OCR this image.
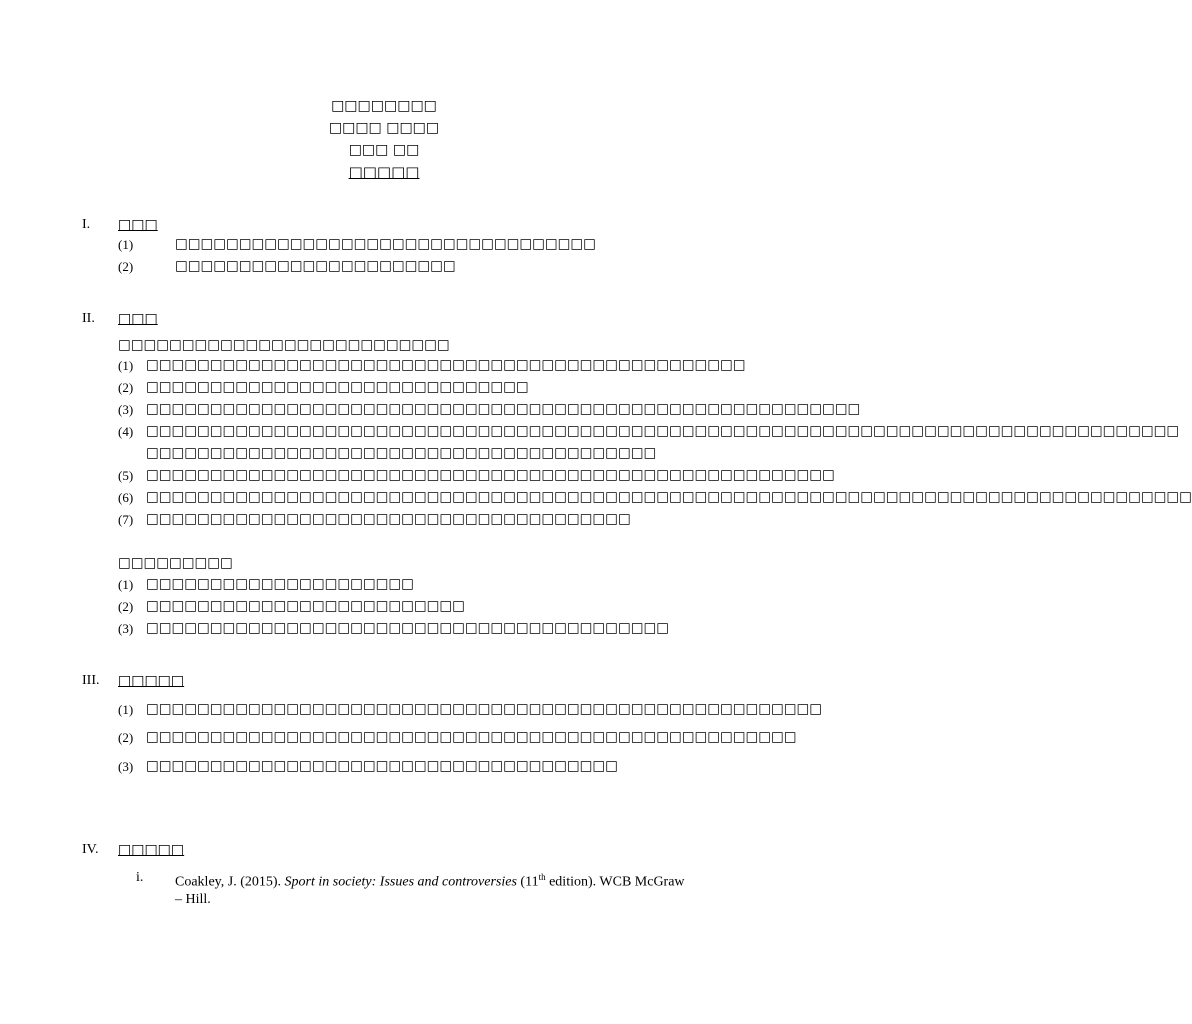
□□□□□□□□
□□□□ □□□□
□□□ □□
□□□□□
I. □□□
(1)	□□□□□□□□□□□□□□□□□□□□□□□□□□□□□□□□□
(2)	□□□□□□□□□□□□□□□□□□□□□□
II. □□□
□□□□□□□□□□□□□□□□□□□□□□□□□□
(1) □□□□□□□□□□□□□□□□□□□□□□□□□□□□□□□□□□□□□□□□□□□□□□□
(2) □□□□□□□□□□□□□□□□□□□□□□□□□□□□□□
(3) □□□□□□□□□□□□□□□□□□□□□□□□□□□□□□□□□□□□□□□□□□□□□□□□□□□□□□□□
(4) □□□□□□□□□□□□□□□□□□□□□□□□□□□□□□□□□□□□□□□□□□□□□□□□□□□□□□□□□□□□□□□□□□□□□□□□□□□□□□□□□
□□□□□□□□□□□□□□□□□□□□□□□□□□□□□□□□□□□□□□□□
(5) □□□□□□□□□□□□□□□□□□□□□□□□□□□□□□□□□□□□□□□□□□□□□□□□□□□□□□
(6) □□□□□□□□□□□□□□□□□□□□□□□□□□□□□□□□□□□□□□□□□□□□□□□□□□□□□□□□□□□□□□□□□□□□□□□□□□□□□□□□□□
(7) □□□□□□□□□□□□□□□□□□□□□□□□□□□□□□□□□□□□□□
□□□□□□□□□
(1) □□□□□□□□□□□□□□□□□□□□□
(2) □□□□□□□□□□□□□□□□□□□□□□□□□
(3) □□□□□□□□□□□□□□□□□□□□□□□□□□□□□□□□□□□□□□□□□
III. □□□□□
(1) □□□□□□□□□□□□□□□□□□□□□□□□□□□□□□□□□□□□□□□□□□□□□□□□□□□□□
(2) □□□□□□□□□□□□□□□□□□□□□□□□□□□□□□□□□□□□□□□□□□□□□□□□□□□
(3) □□□□□□□□□□□□□□□□□□□□□□□□□□□□□□□□□□□□□
IV. □□□□□
i. Coakley, J. (2015). Sport in society: Issues and controversies (11th edition). WCB McGraw – Hill.
